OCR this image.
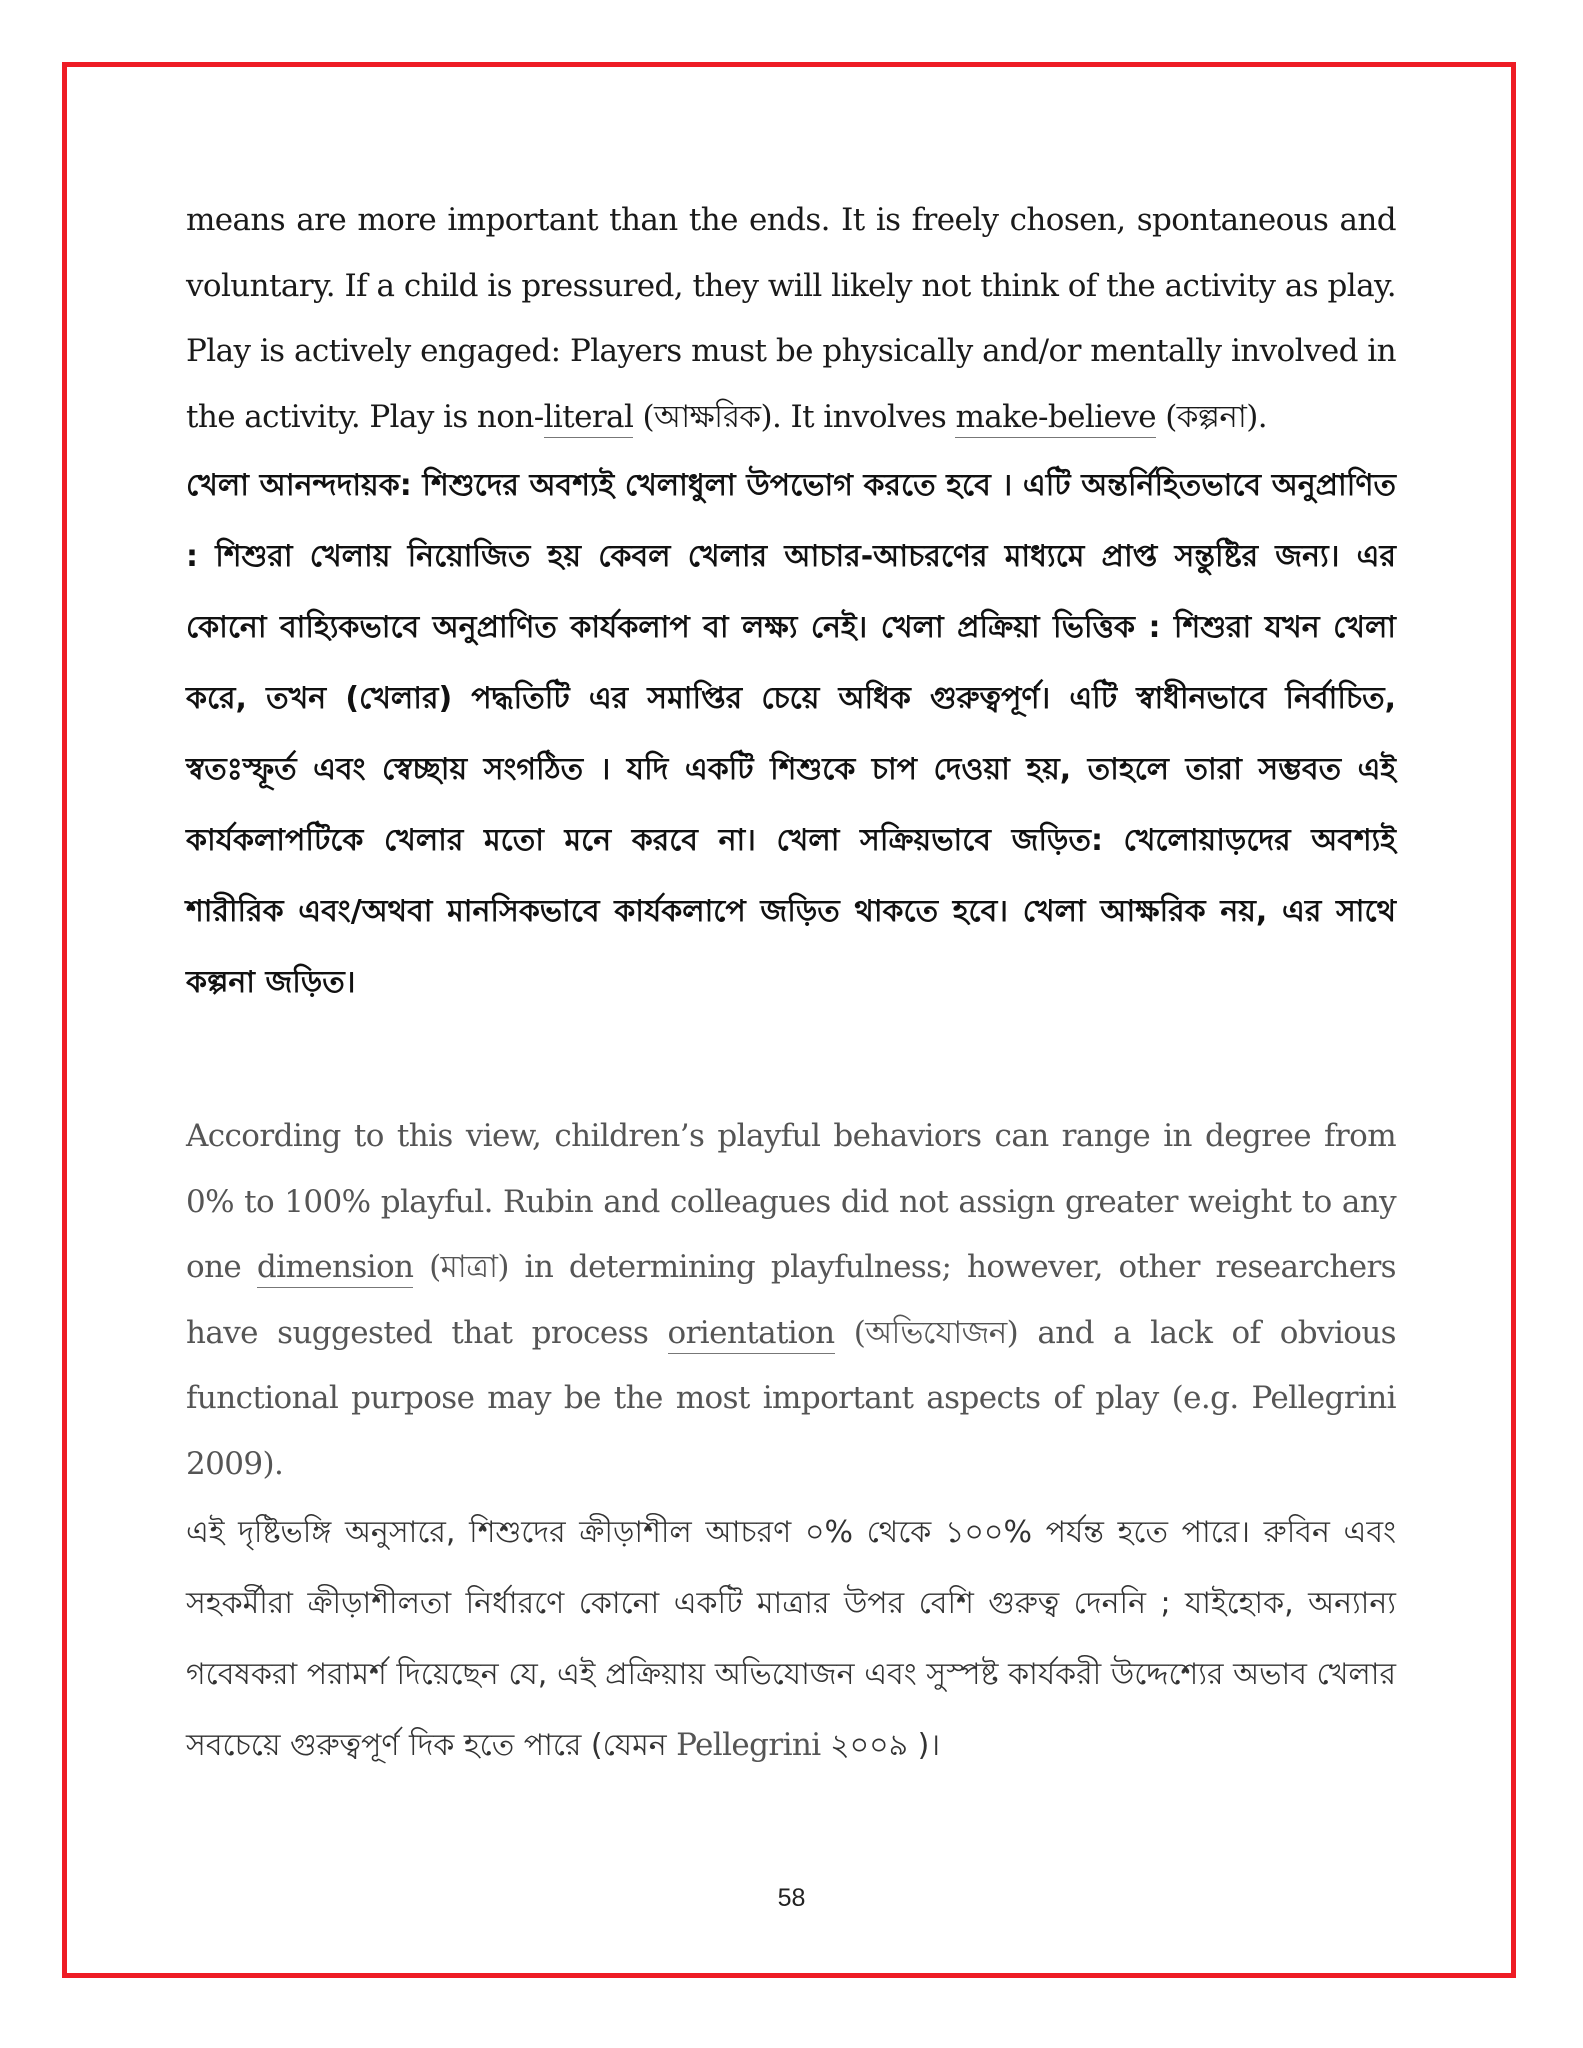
means are more important than the ends. It is freely chosen, spontaneous and voluntary. If a child is pressured, they will likely not think of the activity as play. Play is actively engaged: Players must be physically and/or mentally involved in the activity. Play is non-literal (আক্ষরিক). It involves make-believe (কল্পনা).

খেলা আনন্দদায়ক: শিশুদের অবশ্যই খেলাধুলা উপভোগ করতে হবে । এটি অন্তর্নিহিতভাবে অনুপ্রাণিত : শিশুরা খেলায় নিয়োজিত হয় কেবল খেলার আচার-আচরণের মাধ্যমে প্রাপ্ত সন্তুষ্টির জন্য। এর কোনো বাহ্যিকভাবে অনুপ্রাণিত কার্যকলাপ বা লক্ষ্য নেই। খেলা প্রক্রিয়া ভিত্তিক : শিশুরা যখন খেলা করে, তখন (খেলার) পদ্ধতিটি এর সমাপ্তির চেয়ে অধিক গুরুত্বপূর্ণ। এটি স্বাধীনভাবে নির্বাচিত, স্বতঃস্ফূর্ত এবং স্বেচ্ছায় সংগঠিত । যদি একটি শিশুকে চাপ দেওয়া হয়, তাহলে তারা সম্ভবত এই কার্যকলাপটিকে খেলার মতো মনে করবে না। খেলা সক্রিয়ভাবে জড়িত: খেলোয়াড়দের অবশ্যই শারীরিক এবং/অথবা মানসিকভাবে কার্যকলাপে জড়িত থাকতে হবে। খেলা আক্ষরিক নয়, এর সাথে কল্পনা জড়িত।

According to this view, children’s playful behaviors can range in degree from 0% to 100% playful. Rubin and colleagues did not assign greater weight to any one dimension (মাত্রা) in determining playfulness; however, other researchers have suggested that process orientation (অভিযোজন) and a lack of obvious functional purpose may be the most important aspects of play (e.g. Pellegrini 2009).

এই দৃষ্টিভঙ্গি অনুসারে, শিশুদের ক্রীড়াশীল আচরণ ০% থেকে ১০০% পর্যন্ত হতে পারে। রুবিন এবং সহকর্মীরা ক্রীড়াশীলতা নির্ধারণে কোনো একটি মাত্রার উপর বেশি গুরুত্ব দেননি ; যাইহোক, অন্যান্য গবেষকরা পরামর্শ দিয়েছেন যে, এই প্রক্রিয়ায় অভিযোজন এবং সুস্পষ্ট কার্যকরী উদ্দেশ্যের অভাব খেলার সবচেয়ে গুরুত্বপূর্ণ দিক হতে পারে (যেমন Pellegrini ২০০৯ )।

58
